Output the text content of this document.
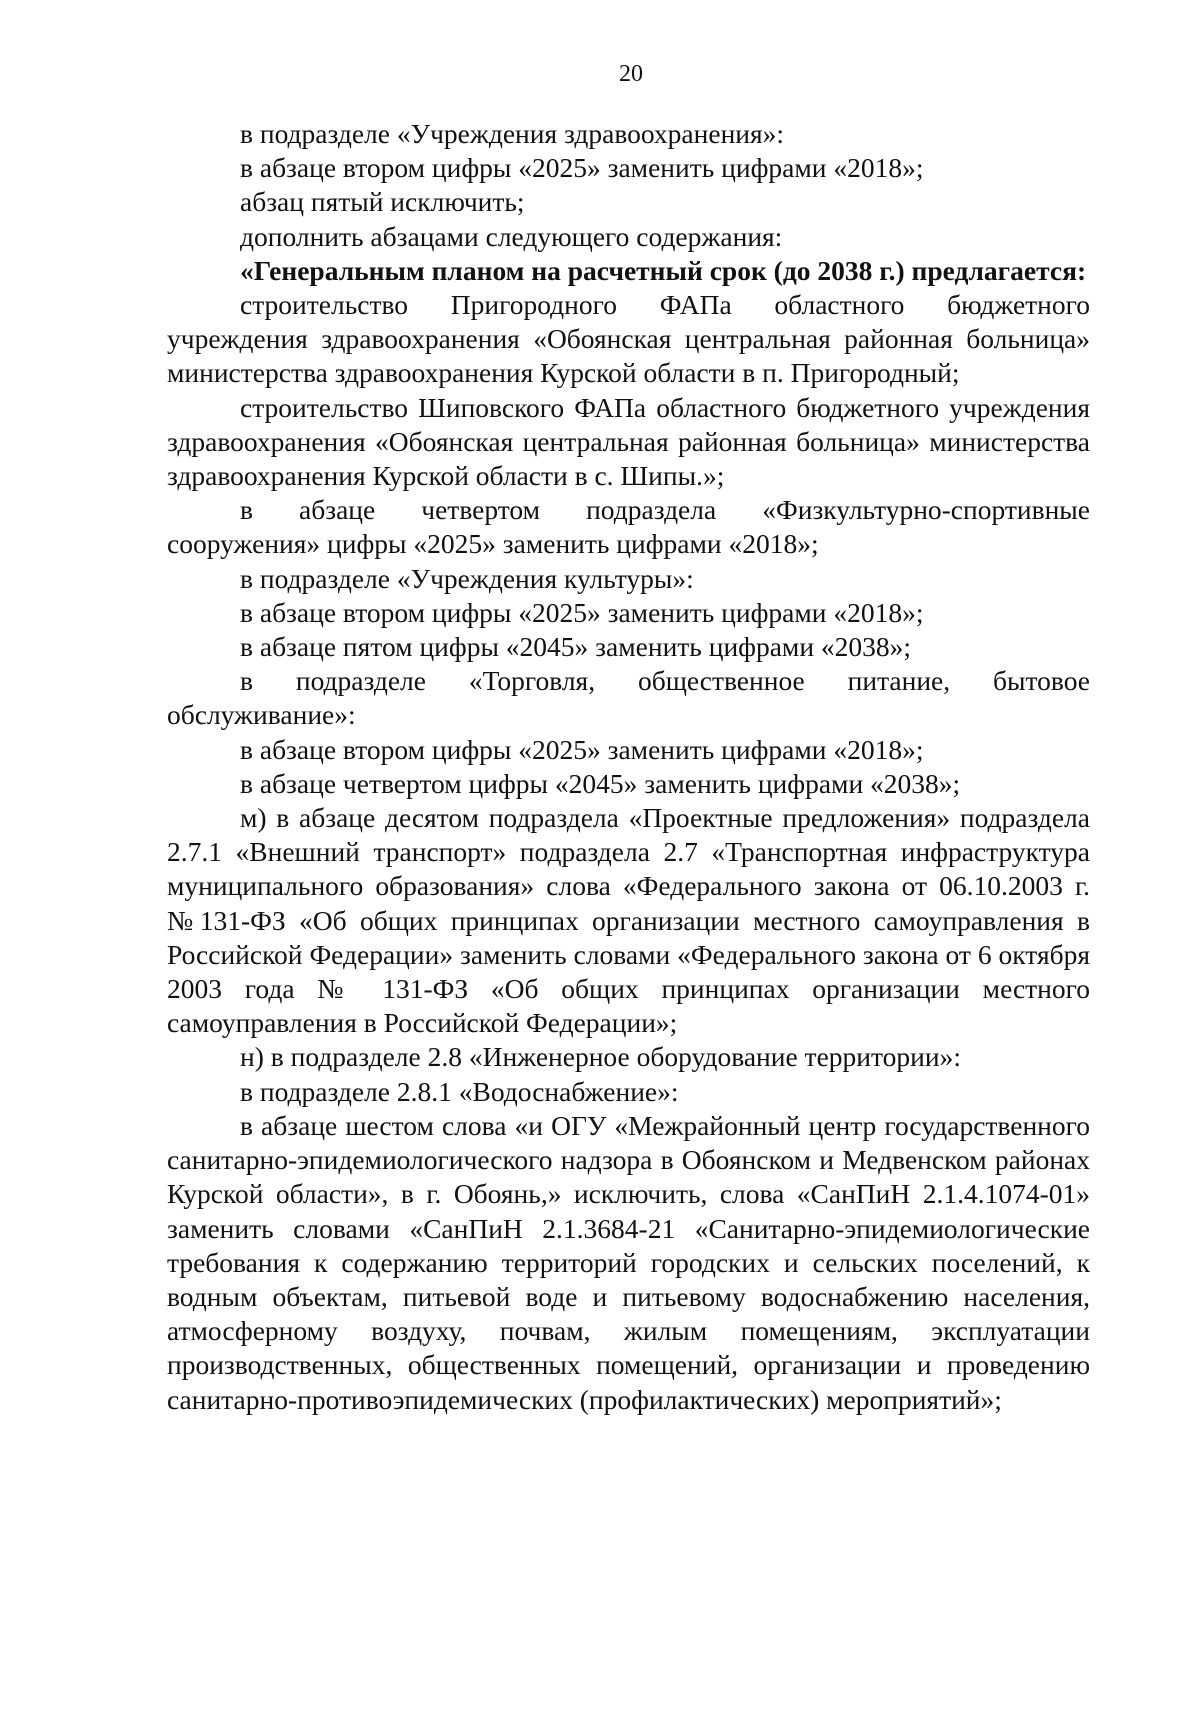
20

в подразделе «Учреждения здравоохранения»:

в абзаце втором цифры «2025» заменить цифрами «2018»;

абзац пятый исключить;

дополнить абзацами следующего содержания:

«Генеральным планом на расчетный срок (до 2038 г.) предлагается:

строительство Пригородного ФАПа областного бюджетного учреждения здравоохранения «Обоянская центральная районная больница» министерства здравоохранения Курской области в п. Пригородный;

строительство Шиповского ФАПа областного бюджетного учреждения здравоохранения «Обоянская центральная районная больница» министерства здравоохранения Курской области в с. Шипы.»;

в абзаце четвертом подраздела «Физкультурно-спортивные сооружения» цифры «2025» заменить цифрами «2018»;

в подразделе «Учреждения культуры»:

в абзаце втором цифры «2025» заменить цифрами «2018»;

в абзаце пятом цифры «2045» заменить цифрами «2038»;

в подразделе «Торговля, общественное питание, бытовое обслуживание»:

в абзаце втором цифры «2025» заменить цифрами «2018»;

в абзаце четвертом цифры «2045» заменить цифрами «2038»;

м) в абзаце десятом подраздела «Проектные предложения» подраздела 2.7.1 «Внешний транспорт» подраздела 2.7 «Транспортная инфраструктура муниципального образования» слова «Федерального закона от 06.10.2003 г. №131-ФЗ «Об общих принципах организации местного самоуправления в Российской Федерации» заменить словами «Федерального закона от 6 октября 2003 года № 131-ФЗ «Об общих принципах организации местного самоуправления в Российской Федерации»;

н) в подразделе 2.8 «Инженерное оборудование территории»:

в подразделе 2.8.1 «Водоснабжение»:

в абзаце шестом слова «и ОГУ «Межрайонный центр государственного санитарно-эпидемиологического надзора в Обоянском и Медвенском районах Курской области», в г. Обоянь,» исключить, слова «СанПиН 2.1.4.1074-01» заменить словами «СанПиН 2.1.3684-21 «Санитарно-эпидемиологические требования к содержанию территорий городских и сельских поселений, к водным объектам, питьевой воде и питьевому водоснабжению населения, атмосферному воздуху, почвам, жилым помещениям, эксплуатации производственных, общественных помещений, организации и проведению санитарно-противоэпидемических (профилактических) мероприятий»;
